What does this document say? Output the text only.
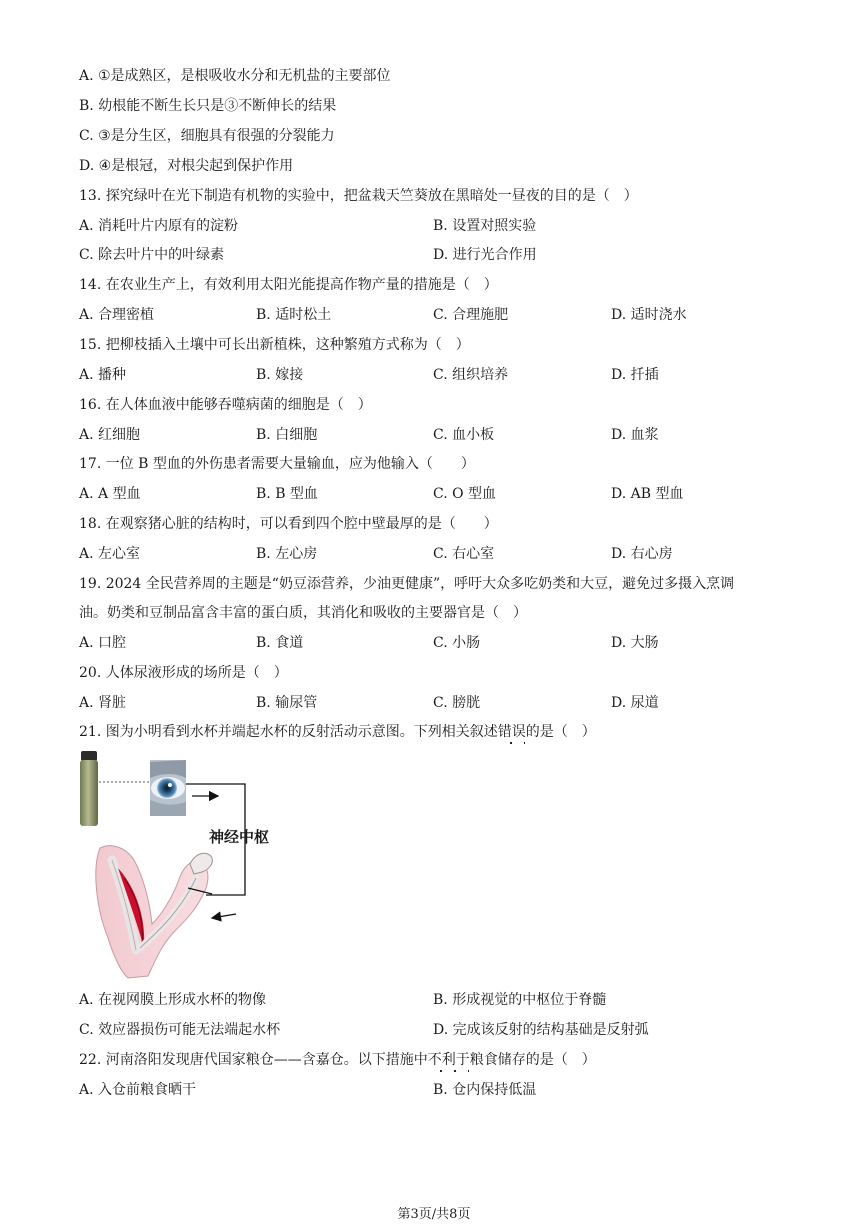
A. ①是成熟区，是根吸收水分和无机盐的主要部位
B. 幼根能不断生长只是③不断伸长的结果
C. ③是分生区，细胞具有很强的分裂能力
D. ④是根冠，对根尖起到保护作用
13. 探究绿叶在光下制造有机物的实验中，把盆栽天竺葵放在黑暗处一昼夜的目的是（　）
A. 消耗叶片内原有的淀粉	B. 设置对照实验
C. 除去叶片中的叶绿素	D. 进行光合作用
14. 在农业生产上，有效利用太阳光能提高作物产量的措施是（　）
A. 合理密植	B. 适时松土	C. 合理施肥	D. 适时浇水
15. 把柳枝插入土壤中可长出新植株，这种繁殖方式称为（　）
A. 播种	B. 嫁接	C. 组织培养	D. 扦插
16. 在人体血液中能够吞噬病菌的细胞是（　）
A. 红细胞	B. 白细胞	C. 血小板	D. 血浆
17. 一位 B 型血的外伤患者需要大量输血，应为他输入（　　）
A. A 型血	B. B 型血	C. O 型血	D. AB 型血
18. 在观察猪心脏的结构时，可以看到四个腔中壁最厚的是（　　）
A. 左心室	B. 左心房	C. 右心室	D. 右心房
19. 2024 全民营养周的主题是“奶豆添营养，少油更健康”，呼吁大众多吃奶类和大豆，避免过多摄入烹调
油。奶类和豆制品富含丰富的蛋白质，其消化和吸收的主要器官是（　）
A. 口腔	B. 食道	C. 小肠	D. 大肠
20. 人体尿液形成的场所是（　）
A. 肾脏	B. 输尿管	C. 膀胱	D. 尿道
21. 图为小明看到水杯并端起水杯的反射活动示意图。下列相关叙述错误的是（　）
神经中枢
A. 在视网膜上形成水杯的物像	B. 形成视觉的中枢位于脊髓
C. 效应器损伤可能无法端起水杯	D. 完成该反射的结构基础是反射弧
22. 河南洛阳发现唐代国家粮仓——含嘉仓。以下措施中不利于粮食储存的是（　）
A. 入仓前粮食晒干	B. 仓内保持低温
第3页/共8页
